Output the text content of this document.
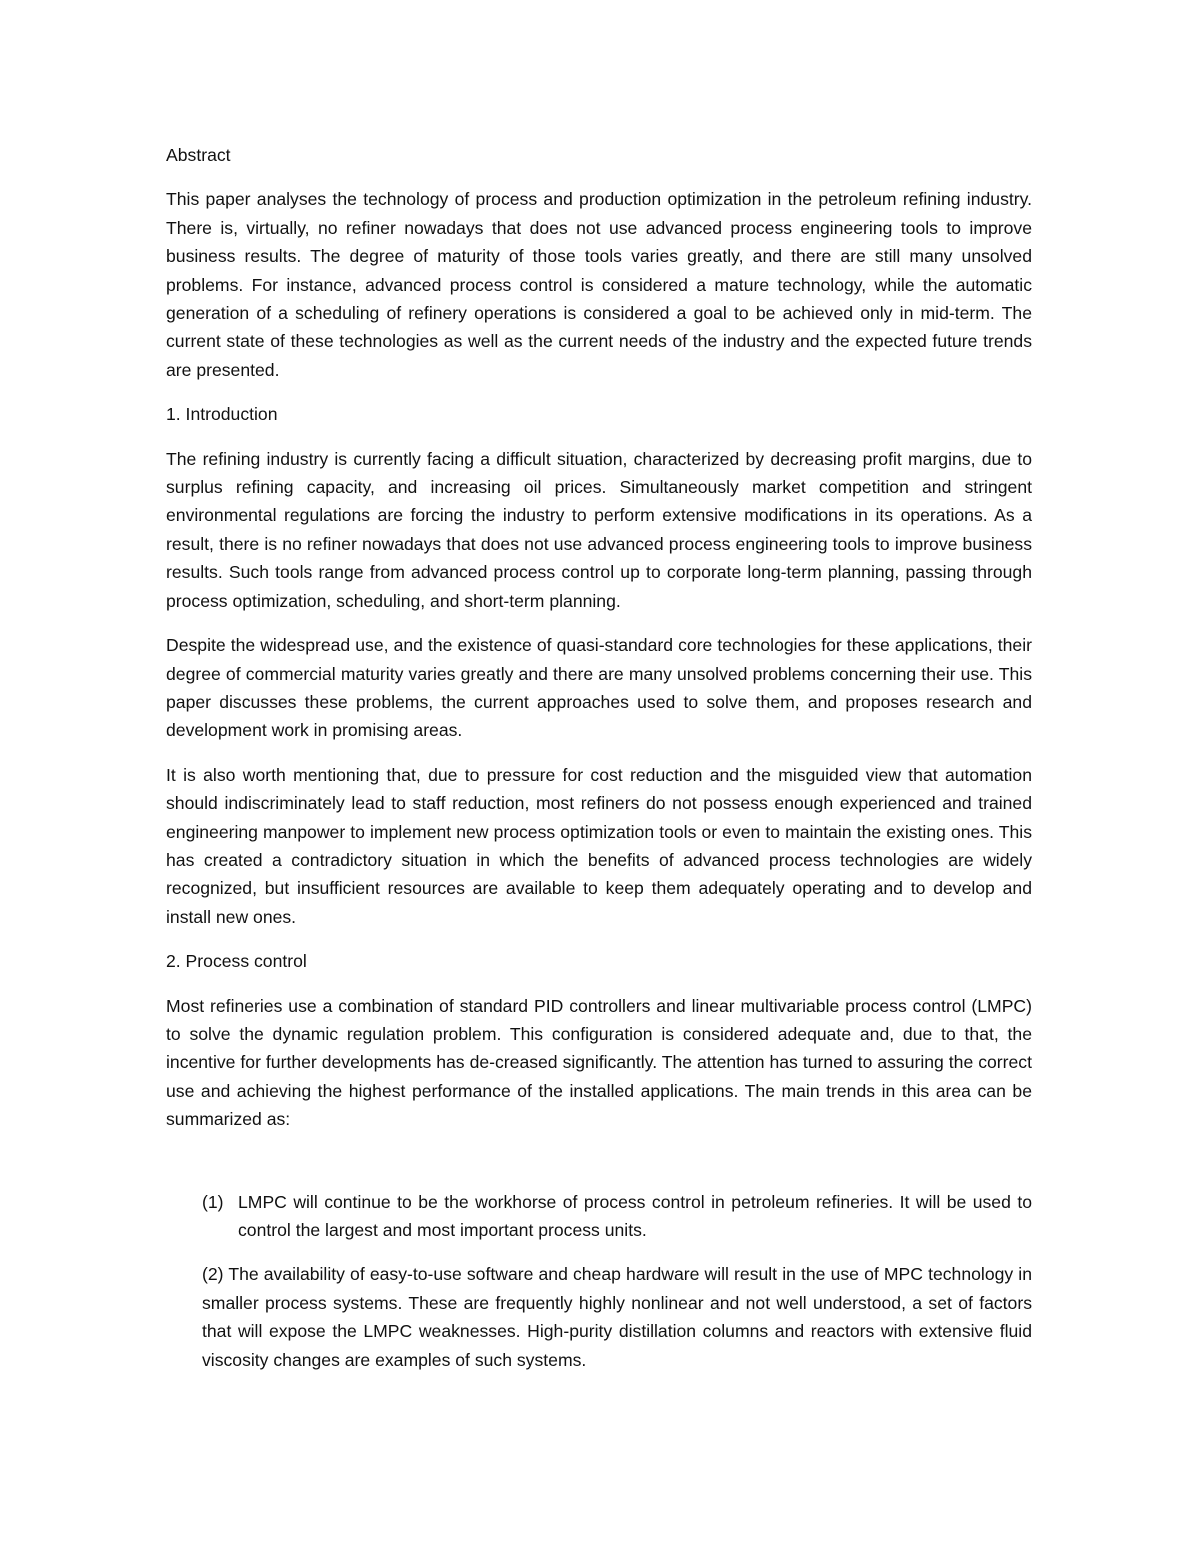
Abstract
This paper analyses the technology of process and production optimization in the petroleum refining industry. There is, virtually, no refiner nowadays that does not use advanced process engineering tools to improve business results. The degree of maturity of those tools varies greatly, and there are still many unsolved problems. For instance, advanced process control is considered a mature technology, while the automatic generation of a scheduling of refinery operations is considered a goal to be achieved only in mid-term. The current state of these technologies as well as the current needs of the industry and the expected future trends are presented.
1. Introduction
The refining industry is currently facing a difficult situation, characterized by decreasing profit margins, due to surplus refining capacity, and increasing oil prices. Simultaneously market competition and stringent environmental regulations are forcing the industry to perform extensive modifications in its operations. As a result, there is no refiner nowadays that does not use advanced process engineering tools to improve business results. Such tools range from advanced process control up to corporate long-term planning, passing through process optimization, scheduling, and short-term planning.
Despite the widespread use, and the existence of quasi-standard core technologies for these applications, their degree of commercial maturity varies greatly and there are many unsolved problems concerning their use. This paper discusses these problems, the current approaches used to solve them, and proposes research and development work in promising areas.
It is also worth mentioning that, due to pressure for cost reduction and the misguided view that automation should indiscriminately lead to staff reduction, most refiners do not possess enough experienced and trained engineering manpower to implement new process optimization tools or even to maintain the existing ones. This has created a contradictory situation in which the benefits of advanced process technologies are widely recognized, but insufficient resources are available to keep them adequately operating and to develop and install new ones.
2. Process control
Most refineries use a combination of standard PID controllers and linear multivariable process control (LMPC) to solve the dynamic regulation problem. This configuration is considered adequate and, due to that, the incentive for further developments has de-creased significantly. The attention has turned to assuring the correct use and achieving the highest performance of the installed applications. The main trends in this area can be summarized as:
(1) LMPC will continue to be the workhorse of process control in petroleum refineries. It will be used to control the largest and most important process units.
(2) The availability of easy-to-use software and cheap hardware will result in the use of MPC technology in smaller process systems. These are frequently highly nonlinear and not well understood, a set of factors that will expose the LMPC weaknesses. High-purity distillation columns and reactors with extensive fluid viscosity changes are examples of such systems.
